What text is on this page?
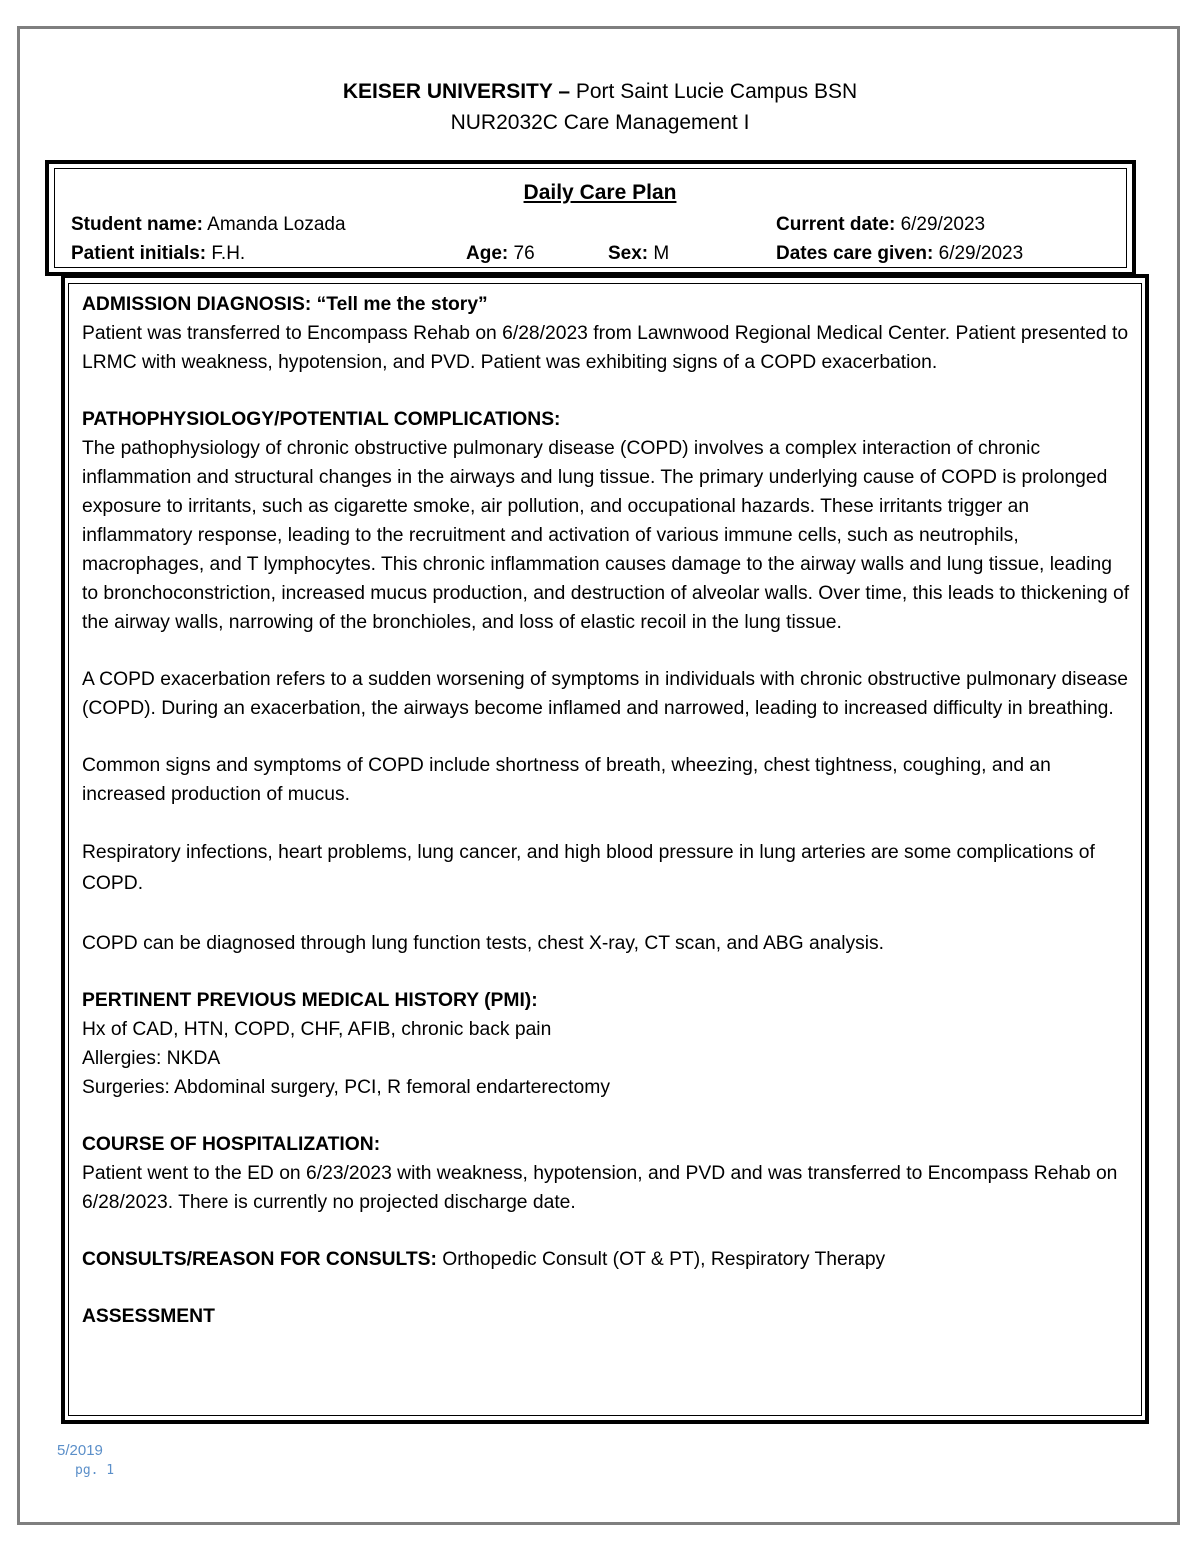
KEISER UNIVERSITY – Port Saint Lucie Campus BSN
NUR2032C Care Management I
Daily Care Plan
Student name: Amanda Lozada	Current date: 6/29/2023
Patient initials: F.H.	Age: 76	Sex: M	Dates care given: 6/29/2023

ADMISSION DIAGNOSIS: “Tell me the story”

Patient was transferred to Encompass Rehab on 6/28/2023 from Lawnwood Regional Medical Center. Patient presented to LRMC with weakness, hypotension, and PVD. Patient was exhibiting signs of a COPD exacerbation.

PATHOPHYSIOLOGY/POTENTIAL COMPLICATIONS:

The pathophysiology of chronic obstructive pulmonary disease (COPD) involves a complex interaction of chronic inflammation and structural changes in the airways and lung tissue. The primary underlying cause of COPD is prolonged exposure to irritants, such as cigarette smoke, air pollution, and occupational hazards. These irritants trigger an inflammatory response, leading to the recruitment and activation of various immune cells, such as neutrophils, macrophages, and T lymphocytes. This chronic inflammation causes damage to the airway walls and lung tissue, leading to bronchoconstriction, increased mucus production, and destruction of alveolar walls. Over time, this leads to thickening of the airway walls, narrowing of the bronchioles, and loss of elastic recoil in the lung tissue.

A COPD exacerbation refers to a sudden worsening of symptoms in individuals with chronic obstructive pulmonary disease (COPD). During an exacerbation, the airways become inflamed and narrowed, leading to increased difficulty in breathing.

Common signs and symptoms of COPD include shortness of breath, wheezing, chest tightness, coughing, and an increased production of mucus.

Respiratory infections, heart problems, lung cancer, and high blood pressure in lung arteries are some complications of COPD.

COPD can be diagnosed through lung function tests, chest X-ray, CT scan, and ABG analysis.

PERTINENT PREVIOUS MEDICAL HISTORY (PMI):

Hx of CAD, HTN, COPD, CHF, AFIB, chronic back pain

Allergies: NKDA

Surgeries: Abdominal surgery, PCI, R femoral endarterectomy

COURSE OF HOSPITALIZATION:

Patient went to the ED on 6/23/2023 with weakness, hypotension, and PVD and was transferred to Encompass Rehab on 6/28/2023. There is currently no projected discharge date.

CONSULTS/REASON FOR CONSULTS: Orthopedic Consult (OT & PT), Respiratory Therapy

ASSESSMENT

5/2019
pg. 1
